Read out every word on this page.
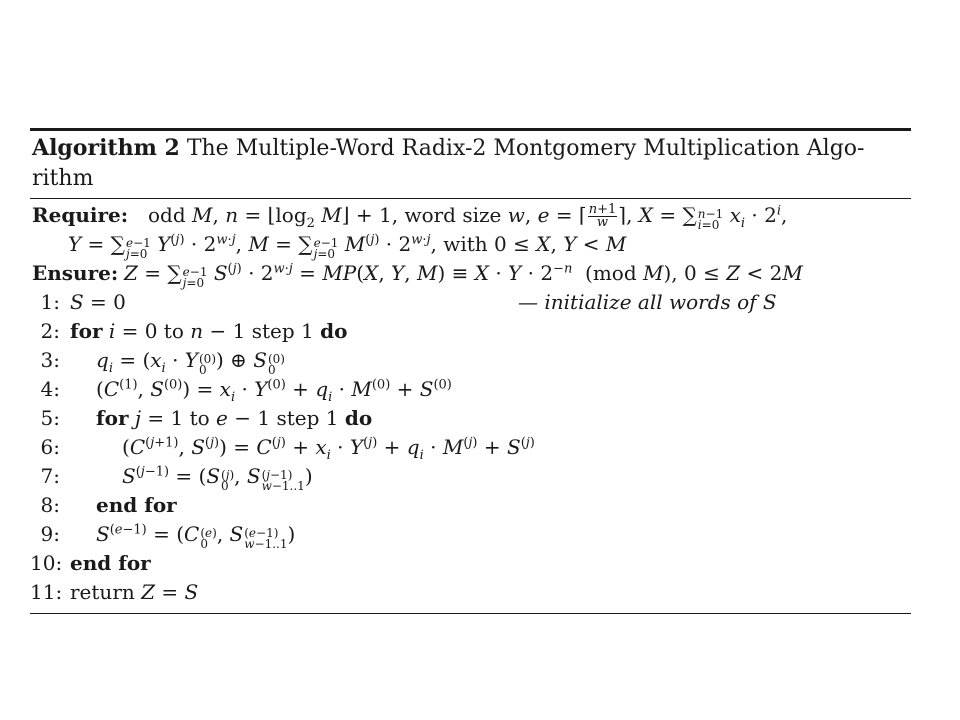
Algorithm 2 The Multiple-Word Radix-2 Montgomery Multiplication Algo-
rithm
Require: odd M, $n = ⌊\log_2$ M⌋ + 1, word size w, e = ⌈ $\frac{n+1}{w}$ ⌉, X = ∑ n−1
i=0 $x_i \cdot 2^i$,
Y = ∑ e−1
j=0 $Y^{(j)} \cdot 2^{w\cdot j}$, M = ∑ e−1
j=0 $M^{(j)} \cdot 2^{w\cdot j}$, with 0 ≤ X, Y < M
Ensure: Z = ∑ e−1
j=0 $S^{(j)} \cdot 2^{w\cdot j} = MP(X$, Y, $M) \equiv X \cdot Y \cdot 2^{-n}$  (mod M), 0 ≤ Z < 2M
1: S = 0	— initialize all words of S
2: for i = 0 to n − 1 step 1 do
3: $q_i = (x_i \cdot Y$ (0)
0 ) ⊕ S (0)
0
4: ($C^{(1)}$, $S^{(0)}) = x_i \cdot Y^{(0)} + q_i \cdot M^{(0)} + S^{(0)}$
5: for j = 1 to e − 1 step 1 do
6:	($C^{(j+1)}$, $S^{(j)}) = C^{(j)} + x_i \cdot Y^{(j)} + q_i \cdot M^{(j)} + S^{(j)}$
7:	$S^{(j-1)} = (S$ (j)
0 , S (j−1)
w−1..1 )
8: end for
9: $S^{(e-1)} = (C$ (e)
0 , S (e−1)
w−1..1 )
10: end for
11: return Z = S
